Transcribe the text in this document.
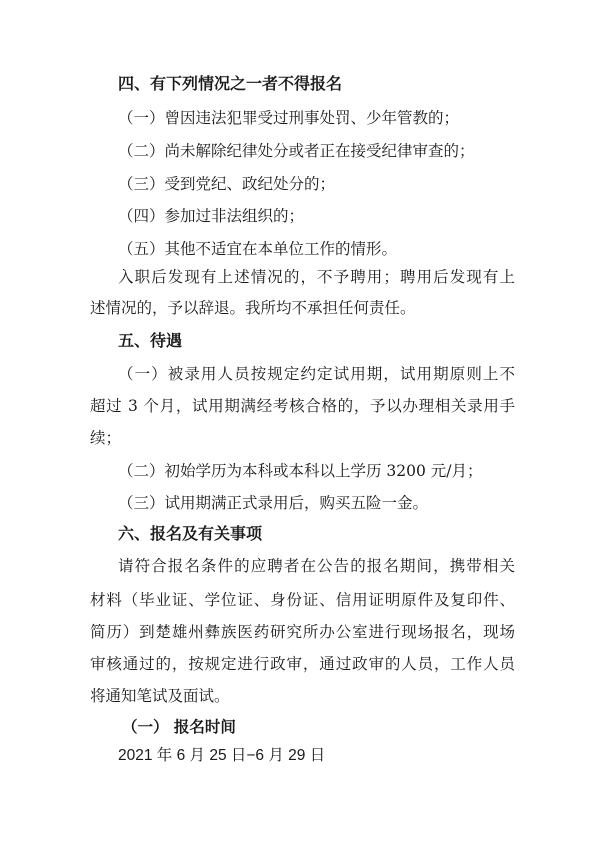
四、有下列情况之一者不得报名
（一）曾因违法犯罪受过刑事处罚、少年管教的；
（二）尚未解除纪律处分或者正在接受纪律审查的；
（三）受到党纪、政纪处分的；
（四）参加过非法组织的；
（五）其他不适宜在本单位工作的情形。
入职后发现有上述情况的，不予聘用；聘用后发现有上
述情况的，予以辞退。我所均不承担任何责任。
五、待遇
（一）被录用人员按规定约定试用期，试用期原则上不
超过 3 个月，试用期满经考核合格的，予以办理相关录用手
续；
（二）初始学历为本科或本科以上学历 3200 元/月；
（三）试用期满正式录用后，购买五险一金。
六、报名及有关事项
请符合报名条件的应聘者在公告的报名期间，携带相关
材料（毕业证、学位证、身份证、信用证明原件及复印件、
简历）到楚雄州彝族医药研究所办公室进行现场报名，现场
审核通过的，按规定进行政审，通过政审的人员，工作人员
将通知笔试及面试。
（一） 报名时间
2021 年 6 月 25 日−6 月 29 日
